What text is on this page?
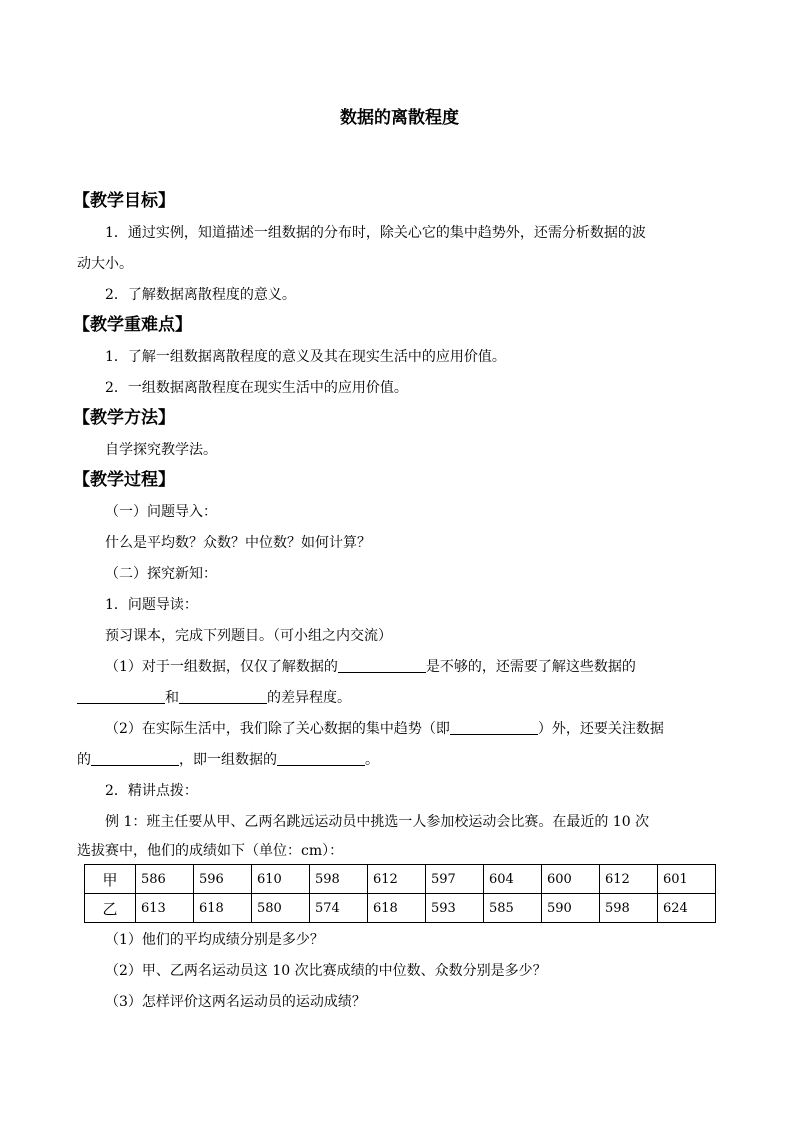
数据的离散程度
【教学目标】
1．通过实例，知道描述一组数据的分布时，除关心它的集中趋势外，还需分析数据的波
动大小。
2．了解数据离散程度的意义。
【教学重难点】
1．了解一组数据离散程度的意义及其在现实生活中的应用价值。
2．一组数据离散程度在现实生活中的应用价值。
【教学方法】
自学探究教学法。
【教学过程】
（一）问题导入：
什么是平均数？众数？中位数？如何计算？
（二）探究新知：
1．问题导读：
预习课本，完成下列题目。（可小组之内交流）
（1）对于一组数据，仅仅了解数据的	是不够的，还需要了解这些数据的
和	的差异程度。
（2）在实际生活中，我们除了关心数据的集中趋势（即	）外，还要关注数据
的	，即一组数据的	。
2．精讲点拨：
例 1：班主任要从甲、乙两名跳远运动员中挑选一人参加校运动会比赛。在最近的 10 次
选拔赛中，他们的成绩如下（单位：cm）：
甲	586	596	610	598	612	597	604	600	612	601
乙	613	618	580	574	618	593	585	590	598	624
（1）他们的平均成绩分别是多少？
（2）甲、乙两名运动员这 10 次比赛成绩的中位数、众数分别是多少？
（3）怎样评价这两名运动员的运动成绩？
